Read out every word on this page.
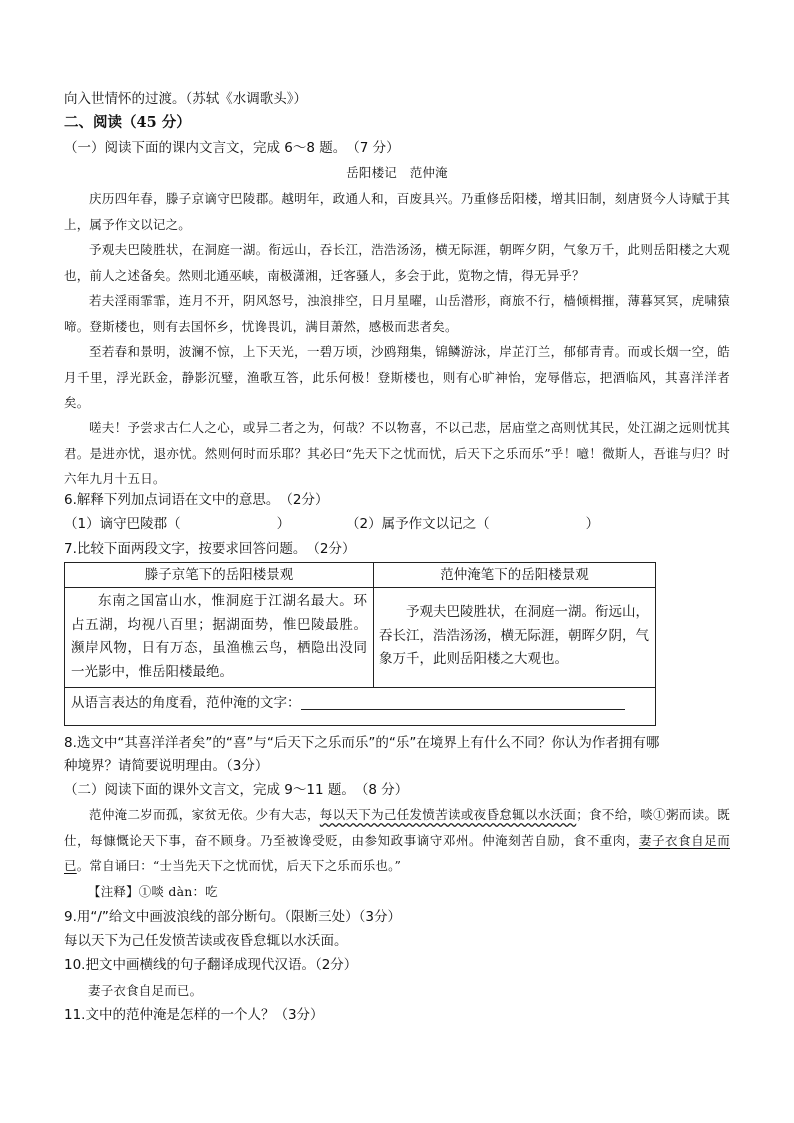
向入世情怀的过渡。（苏轼《水调歌头》）
二、阅读（45 分）
（一）阅读下面的课内文言文，完成 6～8 题。　（7 分）
岳阳楼记　范仲淹
庆历四年春，滕子京谪守巴陵郡。越明年，政通人和，百废具兴。乃重修岳阳楼，增其旧制，刻唐贤今人诗赋于其上，属予作文以记之。
予观夫巴陵胜状，在洞庭一湖。衔远山，吞长江，浩浩汤汤，横无际涯，朝晖夕阴，气象万千，此则岳阳楼之大观也，前人之述备矣。然则北通巫峡，南极潇湘，迁客骚人，多会于此，览物之情，得无异乎？
若夫淫雨霏霏，连月不开，阴风怒号，浊浪排空，日月星曜，山岳潜形，商旅不行，樯倾楫摧，薄暮冥冥，虎啸猿啼。登斯楼也，则有去国怀乡，忧谗畏讥，满目萧然，感极而悲者矣。
至若春和景明，波澜不惊，上下天光，一碧万顷，沙鸥翔集，锦鳞游泳，岸芷汀兰，郁郁青青。而或长烟一空，皓月千里，浮光跃金，静影沉璧，渔歌互答，此乐何极！登斯楼也，则有心旷神怡，宠辱偕忘，把酒临风，其喜洋洋者矣。
嗟夫！予尝求古仁人之心，或异二者之为，何哉？不以物喜，不以己悲，居庙堂之高则忧其民，处江湖之远则忧其君。是进亦忧，退亦忧。然则何时而乐耶？其必曰“先天下之忧而忧，后天下之乐而乐”乎！噫！微斯人，吾谁与归？时六年九月十五日。
6.解释下列加点词语在文中的意思。　（2分）
（1）谪守巴陵郡（	）	（2）属予作文以记之（	）
7.比较下面两段文字，按要求回答问题。　（2分）
滕子京笔下的岳阳楼景观	范仲淹笔下的岳阳楼景观
东南之国富山水，惟洞庭于江湖名最大。环占五湖，均视八百里；据湖面势，惟巴陵最胜。濒岸风物，日有万态，虽渔樵云鸟，栖隐出没同一光影中，惟岳阳楼最绝。
予观夫巴陵胜状，在洞庭一湖。衔远山，吞长江，浩浩汤汤，横无际涯，朝晖夕阴，气象万千，此则岳阳楼之大观也。
从语言表达的角度看，范仲淹的文字：
8.选文中“其喜洋洋者矣”的“喜”与“后天下之乐而乐”的“乐”在境界上有什么不同？你认为作者拥有哪
种境界？请简要说明理由。（3分）
（二）阅读下面的课外文言文，完成 9～11 题。　（8 分）
范仲淹二岁而孤，家贫无依。少有大志，每以天下为己任发愤苦读或夜昏怠辄以水沃面；食不给，啖①粥而读。既仕，每慷慨论天下事，奋不顾身。乃至被谗受贬，由参知政事谪守邓州。仲淹刻苦自励，食不重肉，妻子衣食自足而已。常自诵曰：“士当先天下之忧而忧，后天下之乐而乐也。”
【注释】①啖 dàn：吃
9.用“/”给文中画波浪线的部分断句。（限断三处）（3分）
每以天下为己任发愤苦读或夜昏怠辄以水沃面。
10.把文中画横线的句子翻译成现代汉语。（2分）
妻子衣食自足而已。
11.文中的范仲淹是怎样的一个人？（3分）
